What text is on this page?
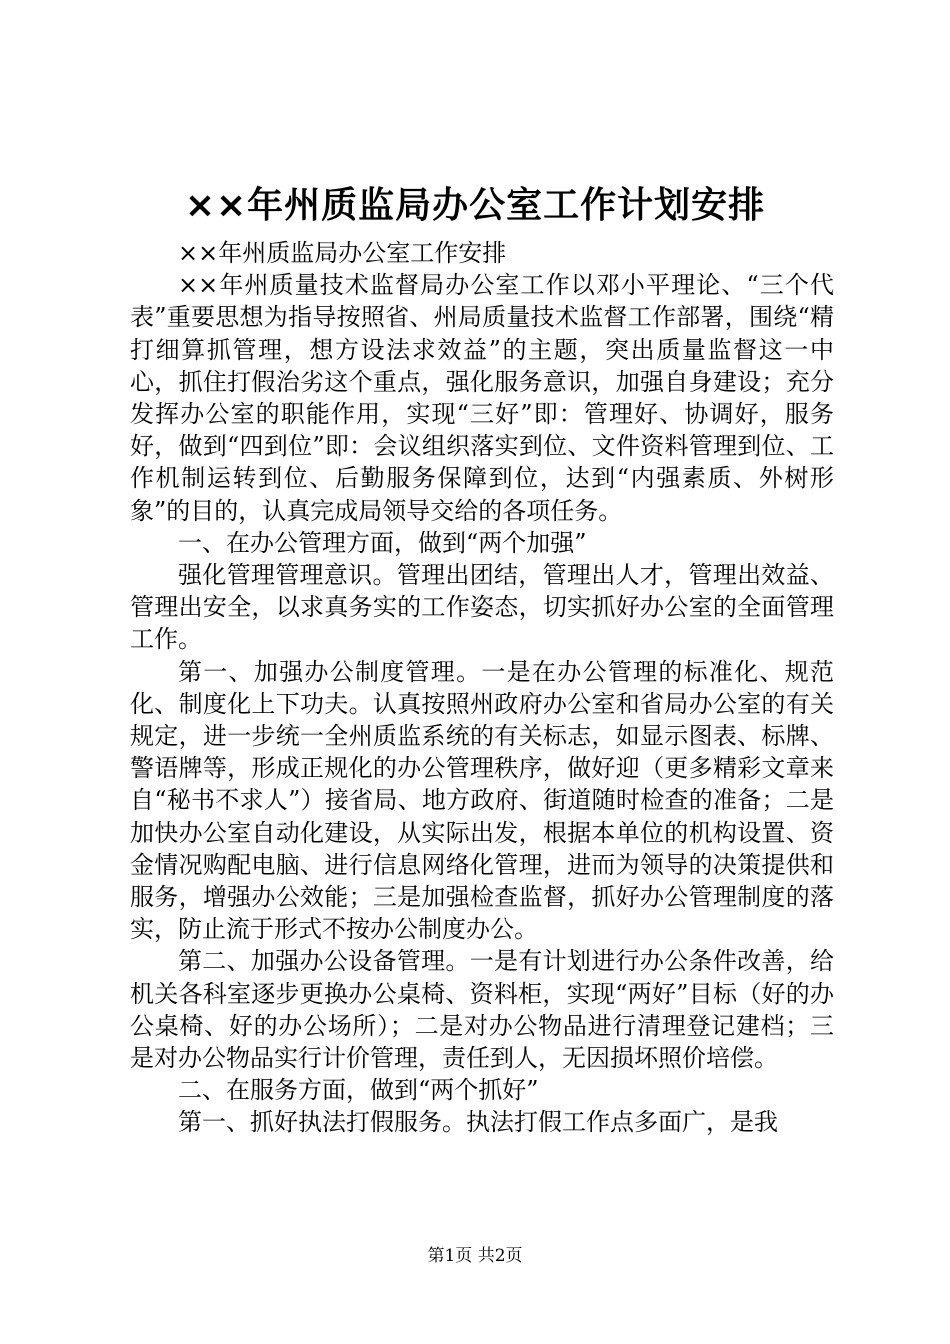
××年州质监局办公室工作计划安排

××年州质监局办公室工作安排

××年州质量技术监督局办公室工作以邓小平理论、“三个代表”重要思想为指导按照省、州局质量技术监督工作部署，围绕“精打细算抓管理，想方设法求效益”的主题，突出质量监督这一中心，抓住打假治劣这个重点，强化服务意识，加强自身建设；充分发挥办公室的职能作用，实现“三好”即：管理好、协调好，服务好，做到“四到位”即：会议组织落实到位、文件资料管理到位、工作机制运转到位、后勤服务保障到位，达到“内强素质、外树形象”的目的，认真完成局领导交给的各项任务。

一、在办公管理方面，做到“两个加强”

强化管理管理意识。管理出团结，管理出人才，管理出效益、管理出安全，以求真务实的工作姿态，切实抓好办公室的全面管理工作。

第一、加强办公制度管理。一是在办公管理的标准化、规范化、制度化上下功夫。认真按照州政府办公室和省局办公室的有关规定，进一步统一全州质监系统的有关标志，如显示图表、标牌、警语牌等，形成正规化的办公管理秩序，做好迎（更多精彩文章来自“秘书不求人”）接省局、地方政府、街道随时检查的准备；二是加快办公室自动化建设，从实际出发，根据本单位的机构设置、资金情况购配电脑、进行信息网络化管理，进而为领导的决策提供和服务，增强办公效能；三是加强检查监督，抓好办公管理制度的落实，防止流于形式不按办公制度办公。

第二、加强办公设备管理。一是有计划进行办公条件改善，给机关各科室逐步更换办公桌椅、资料柜，实现“两好”目标（好的办公桌椅、好的办公场所）；二是对办公物品进行清理登记建档；三是对办公物品实行计价管理，责任到人，无因损坏照价培偿。

二、在服务方面，做到“两个抓好”

第一、抓好执法打假服务。执法打假工作点多面广，是我

第1页 共2页
